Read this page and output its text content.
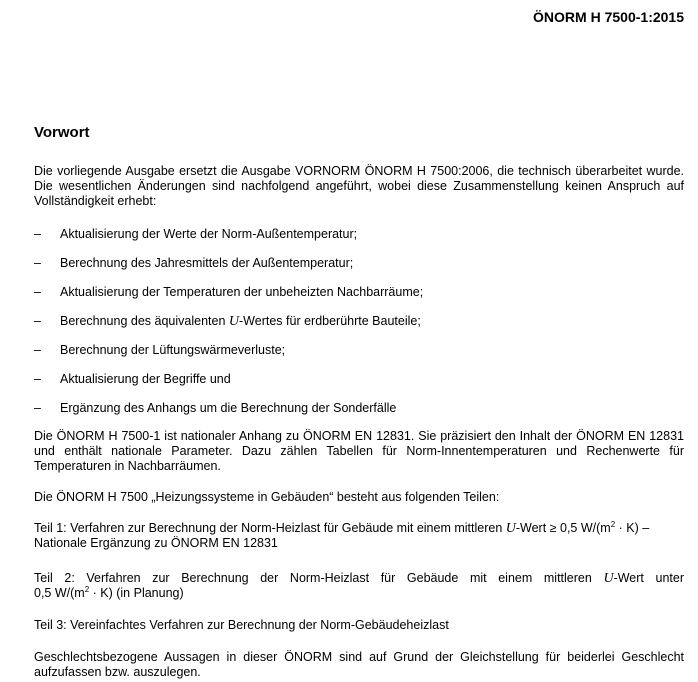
ÖNORM H 7500-1:2015
Vorwort
Die vorliegende Ausgabe ersetzt die Ausgabe VORNORM ÖNORM H 7500:2006, die technisch überarbeitet wurde. Die wesentlichen Änderungen sind nachfolgend angeführt, wobei diese Zusammenstellung keinen Anspruch auf Vollständigkeit erhebt:
– Aktualisierung der Werte der Norm-Außentemperatur;
– Berechnung des Jahresmittels der Außentemperatur;
– Aktualisierung der Temperaturen der unbeheizten Nachbarräume;
– Berechnung des äquivalenten U-Wertes für erdberührte Bauteile;
– Berechnung der Lüftungswärmeverluste;
– Aktualisierung der Begriffe und
– Ergänzung des Anhangs um die Berechnung der Sonderfälle
Die ÖNORM H 7500-1 ist nationaler Anhang zu ÖNORM EN 12831. Sie präzisiert den Inhalt der ÖNORM EN 12831 und enthält nationale Parameter. Dazu zählen Tabellen für Norm-Innentemperaturen und Rechenwerte für Temperaturen in Nachbarräumen.
Die ÖNORM H 7500 „Heizungssysteme in Gebäuden“ besteht aus folgenden Teilen:
Teil 1: Verfahren zur Berechnung der Norm-Heizlast für Gebäude mit einem mittleren U-Wert ≥ 0,5 $W/(m^2 \cdot K)$ –
Nationale Ergänzung zu ÖNORM EN 12831
Teil 2: Verfahren zur Berechnung der Norm-Heizlast für Gebäude mit einem mittleren U-Wert unter
0,5 $W/(m^2 \cdot K)$ (in Planung)
Teil 3: Vereinfachtes Verfahren zur Berechnung der Norm-Gebäudeheizlast
Geschlechtsbezogene Aussagen in dieser ÖNORM sind auf Grund der Gleichstellung für beiderlei Geschlecht aufzufassen bzw. auszulegen.
